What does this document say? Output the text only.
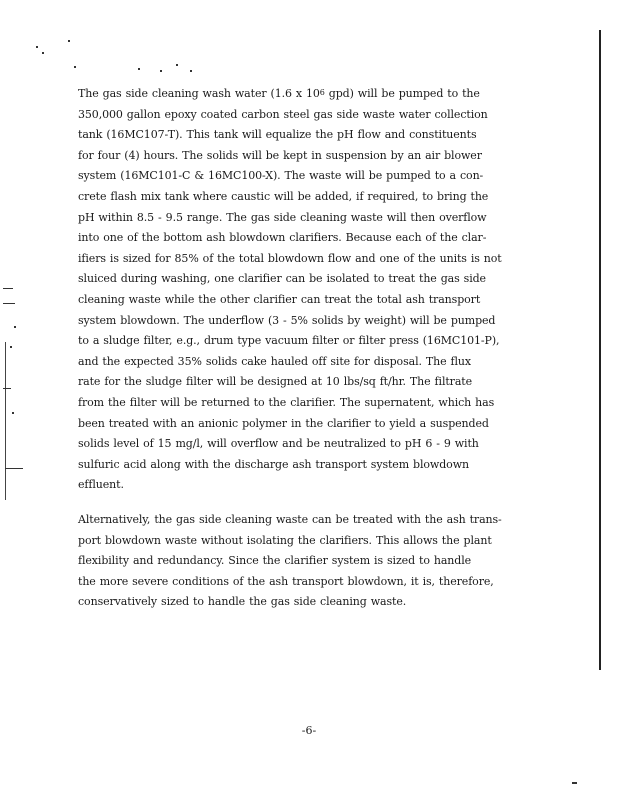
The gas side cleaning wash water (1.6 x $10^6$ gpd) will be pumped to the
350,000 gallon epoxy coated carbon steel gas side waste water collection
tank (16MC107-T). This tank will equalize the pH flow and constituents
for four (4) hours. The solids will be kept in suspension by an air blower
system (16MC101-C & 16MC100-X). The waste will be pumped to a con-
crete flash mix tank where caustic will be added, if required, to bring the
pH within 8.5 - 9.5 range. The gas side cleaning waste will then overflow
into one of the bottom ash blowdown clarifiers. Because each of the clar-
ifiers is sized for 85% of the total blowdown flow and one of the units is not
sluiced during washing, one clarifier can be isolated to treat the gas side
cleaning waste while the other clarifier can treat the total ash transport
system blowdown. The underflow (3 - 5% solids by weight) will be pumped
to a sludge filter, e.g., drum type vacuum filter or filter press (16MC101-P),
and the expected 35% solids cake hauled off site for disposal. The flux
rate for the sludge filter will be designed at 10 lbs/sq ft/hr. The filtrate
from the filter will be returned to the clarifier. The supernatent, which has
been treated with an anionic polymer in the clarifier to yield a suspended
solids level of 15 mg/l, will overflow and be neutralized to pH 6 - 9 with
sulfuric acid along with the discharge ash transport system blowdown
effluent.
Alternatively, the gas side cleaning waste can be treated with the ash trans-
port blowdown waste without isolating the clarifiers. This allows the plant
flexibility and redundancy. Since the clarifier system is sized to handle
the more severe conditions of the ash transport blowdown, it is, therefore,
conservatively sized to handle the gas side cleaning waste.
-6-
